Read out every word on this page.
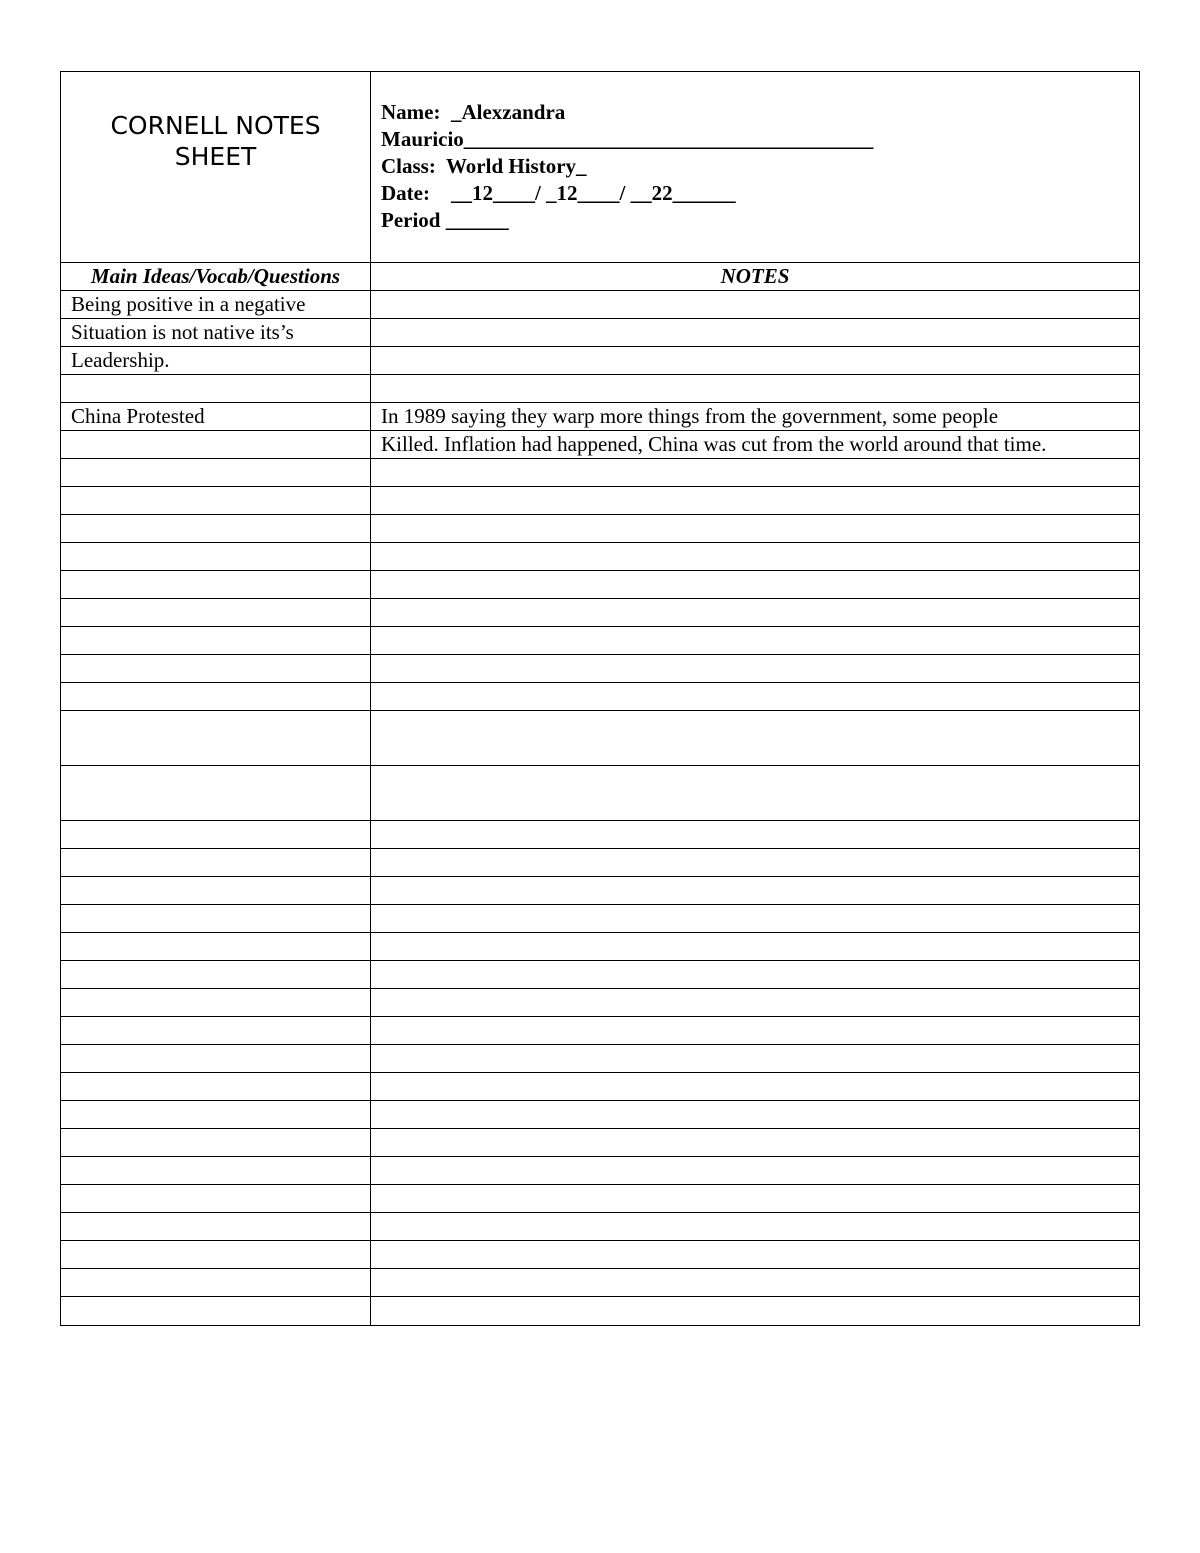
CORNELL NOTES
SHEET
Name:  _Alexzandra
Mauricio_______________________________________
Class:  World History_
Date:    __12____/ _12____/ __22______
Period ______
Main Ideas/Vocab/Questions	NOTES
Being positive in a negative
Situation is not native its’s
Leadership.
China Protested	In 1989 saying they warp more things from the government, some people
Killed. Inflation had happened, China was cut from the world around that time.
